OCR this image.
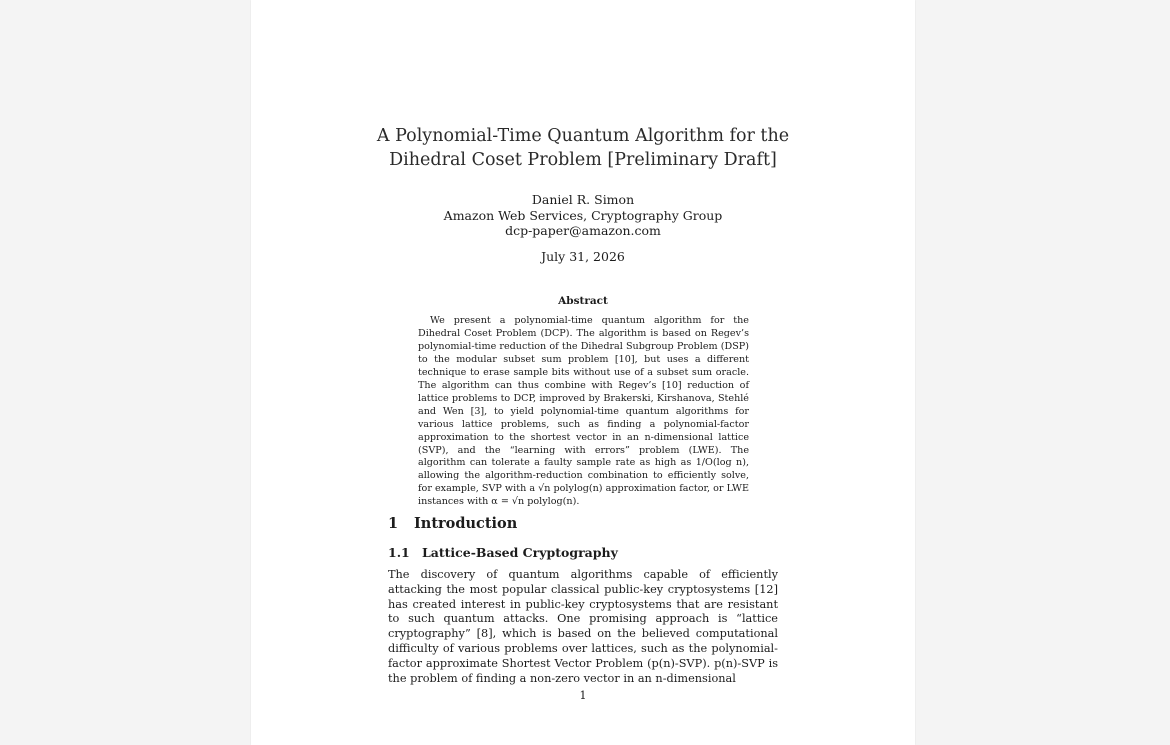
A Polynomial-Time Quantum Algorithm for the
Dihedral Coset Problem [Preliminary Draft]
Daniel R. Simon
Amazon Web Services, Cryptography Group
dcp-paper@amazon.com
July 31, 2026
Abstract
We present a polynomial-time quantum algorithm for the Dihedral Coset Problem (DCP). The algorithm is based on Regev’s polynomial-time reduction of the Dihedral Subgroup Problem (DSP) to the modular subset sum problem [10], but uses a different technique to erase sample bits without use of a subset sum oracle. The algorithm can thus combine with Regev’s [10] reduction of lattice problems to DCP, improved by Brakerski, Kirshanova, Stehlé and Wen [3], to yield polynomial-time quantum algorithms for various lattice problems, such as finding a polynomial-factor approximation to the shortest vector in an n-dimensional lattice (SVP), and the “learning with errors” problem (LWE). The algorithm can tolerate a faulty sample rate as high as 1/O(log n), allowing the algorithm-reduction combination to efficiently solve, for example, SVP with a √n polylog(n) approximation factor, or LWE instances with α = √n polylog(n).
1 Introduction
1.1 Lattice-Based Cryptography
The discovery of quantum algorithms capable of efficiently attacking the most popular classical public-key cryptosystems [12] has created interest in public-key cryptosystems that are resistant to such quantum attacks. One promising approach is “lattice cryptography” [8], which is based on the believed computational difficulty of various problems over lattices, such as the polynomial-factor approximate Shortest Vector Problem (p(n)-SVP). p(n)-SVP is the problem of finding a non-zero vector in an n-dimensional
1
